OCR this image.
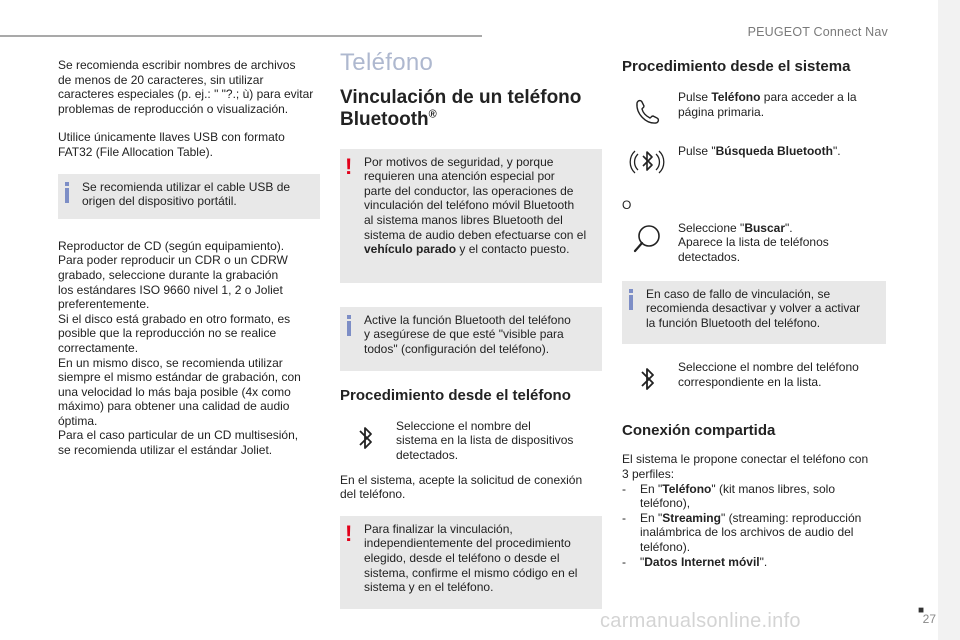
PEUGEOT Connect Nav

Se recomienda escribir nombres de archivos
de menos de 20 caracteres, sin utilizar
caracteres especiales (p. ej.: " "?.; ù) para evitar
problemas de reproducción o visualización.

Utilice únicamente llaves USB con formato
FAT32 (File Allocation Table).

Se recomienda utilizar el cable USB de
origen del dispositivo portátil.

Reproductor de CD (según equipamiento).
Para poder reproducir un CDR o un CDRW
grabado, seleccione durante la grabación
los estándares ISO 9660 nivel 1, 2 o Joliet
preferentemente.
Si el disco está grabado en otro formato, es
posible que la reproducción no se realice
correctamente.
En un mismo disco, se recomienda utilizar
siempre el mismo estándar de grabación, con
una velocidad lo más baja posible (4x como
máximo) para obtener una calidad de audio
óptima.
Para el caso particular de un CD multisesión,
se recomienda utilizar el estándar Joliet.

Teléfono
Vinculación de un teléfono
Bluetooth®
! Por motivos de seguridad, y porque
requieren una atención especial por
parte del conductor, las operaciones de
vinculación del teléfono móvil Bluetooth
al sistema manos libres Bluetooth del
sistema de audio deben efectuarse con el
vehículo parado y el contacto puesto.

Active la función Bluetooth del teléfono
y asegúrese de que esté "visible para
todos" (configuración del teléfono).

Procedimiento desde el teléfono

Seleccione el nombre del
sistema en la lista de dispositivos
detectados.

En el sistema, acepte la solicitud de conexión
del teléfono.

! Para finalizar la vinculación,
independientemente del procedimiento
elegido, desde el teléfono o desde el
sistema, confirme el mismo código en el
sistema y en el teléfono.

Procedimiento desde el sistema

Pulse Teléfono para acceder a la
página primaria.

Pulse "Búsqueda Bluetooth".

O

Seleccione "Buscar".
Aparece la lista de teléfonos
detectados.

En caso de fallo de vinculación, se
recomienda desactivar y volver a activar
la función Bluetooth del teléfono.

Seleccione el nombre del teléfono
correspondiente en la lista.

Conexión compartida

El sistema le propone conectar el teléfono con
3 perfiles:

- En "Teléfono" (kit manos libres, solo
teléfono),

- En "Streaming" (streaming: reproducción
inalámbrica de los archivos de audio del
teléfono).

- "Datos Internet móvil".

■
27
carmanualsonline.info
